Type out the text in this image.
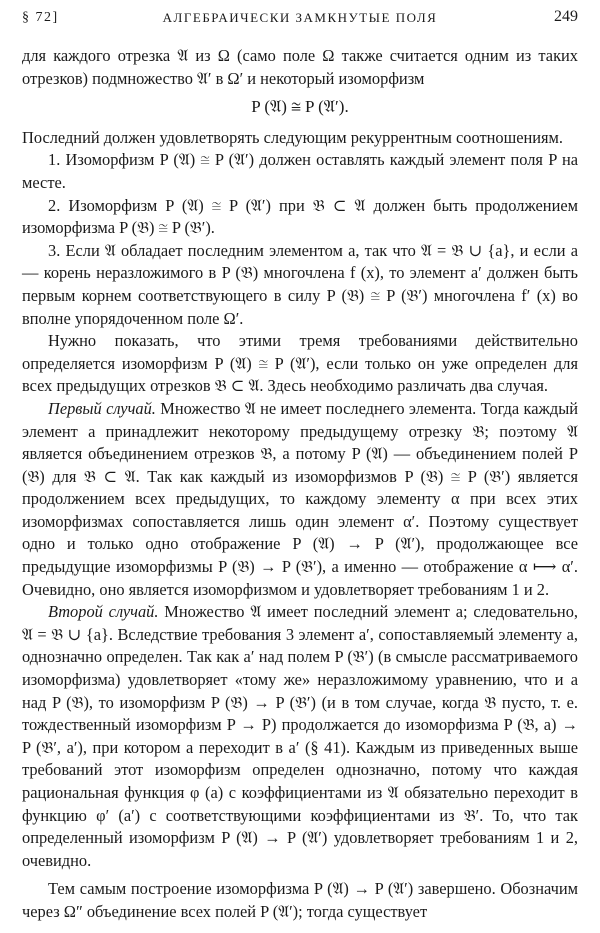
§ 72]	АЛГЕБРАИЧЕСКИ ЗАМКНУТЫЕ ПОЛЯ	249

для каждого отрезка 𝔄 из Ω (само поле Ω также считается одним из таких отрезков) подмножество 𝔄′ в Ω′ и некоторый изоморфизм

P (𝔄) ≅ P (𝔄′).

Последний должен удовлетворять следующим рекуррентным соотношениям.

1. Изоморфизм P (𝔄) ≅ P (𝔄′) должен оставлять каждый элемент поля P на месте.

2. Изоморфизм P (𝔄) ≅ P (𝔄′) при 𝔅 ⊂ 𝔄 должен быть продолжением изоморфизма P (𝔅) ≅ P (𝔅′).

3. Если 𝔄 обладает последним элементом a, так что 𝔄 = 𝔅 ∪ {a}, и если a — корень неразложимого в P (𝔅) многочлена f (x), то элемент a′ должен быть первым корнем соответствующего в силу P (𝔅) ≅ P (𝔅′) многочлена f′ (x) во вполне упорядоченном поле Ω′.

Нужно показать, что этими тремя требованиями действительно определяется изоморфизм P (𝔄) ≅ P (𝔄′), если только он уже определен для всех предыдущих отрезков 𝔅 ⊂ 𝔄. Здесь необходимо различать два случая.

Первый случай. Множество 𝔄 не имеет последнего элемента. Тогда каждый элемент a принадлежит некоторому предыдущему отрезку 𝔅; поэтому 𝔄 является объединением отрезков 𝔅, а потому P (𝔄) — объединением полей P (𝔅) для 𝔅 ⊂ 𝔄. Так как каждый из изоморфизмов P (𝔅) ≅ P (𝔅′) является продолжением всех предыдущих, то каждому элементу α при всех этих изоморфизмах сопоставляется лишь один элемент α′. Поэтому существует одно и только одно отображение P (𝔄) → P (𝔄′), продолжающее все предыдущие изоморфизмы P (𝔅) → P (𝔅′), а именно — отображение α ⟼ α′. Очевидно, оно является изоморфизмом и удовлетворяет требованиям 1 и 2.

Второй случай. Множество 𝔄 имеет последний элемент a; следовательно, 𝔄 = 𝔅 ∪ {a}. Вследствие требования 3 элемент a′, сопоставляемый элементу a, однозначно определен. Так как a′ над полем P (𝔅′) (в смысле рассматриваемого изоморфизма) удовлетворяет «тому же» неразложимому уравнению, что и a над P (𝔅), то изоморфизм P (𝔅) → P (𝔅′) (и в том случае, когда 𝔅 пусто, т. е. тождественный изоморфизм P → P) продолжается до изоморфизма P (𝔅, a) → P (𝔅′, a′), при котором a переходит в a′ (§ 41). Каждым из приведенных выше требований этот изоморфизм определен однозначно, потому что каждая рациональная функция φ (a) с коэффициентами из 𝔄 обязательно переходит в функцию φ′ (a′) с соответствующими коэффициентами из 𝔅′. То, что так определенный изоморфизм P (𝔄) → P (𝔄′) удовлетворяет требованиям 1 и 2, очевидно.

Тем самым построение изоморфизма P (𝔄) → P (𝔄′) завершено. Обозначим через Ω″ объединение всех полей P (𝔄′); тогда существует
